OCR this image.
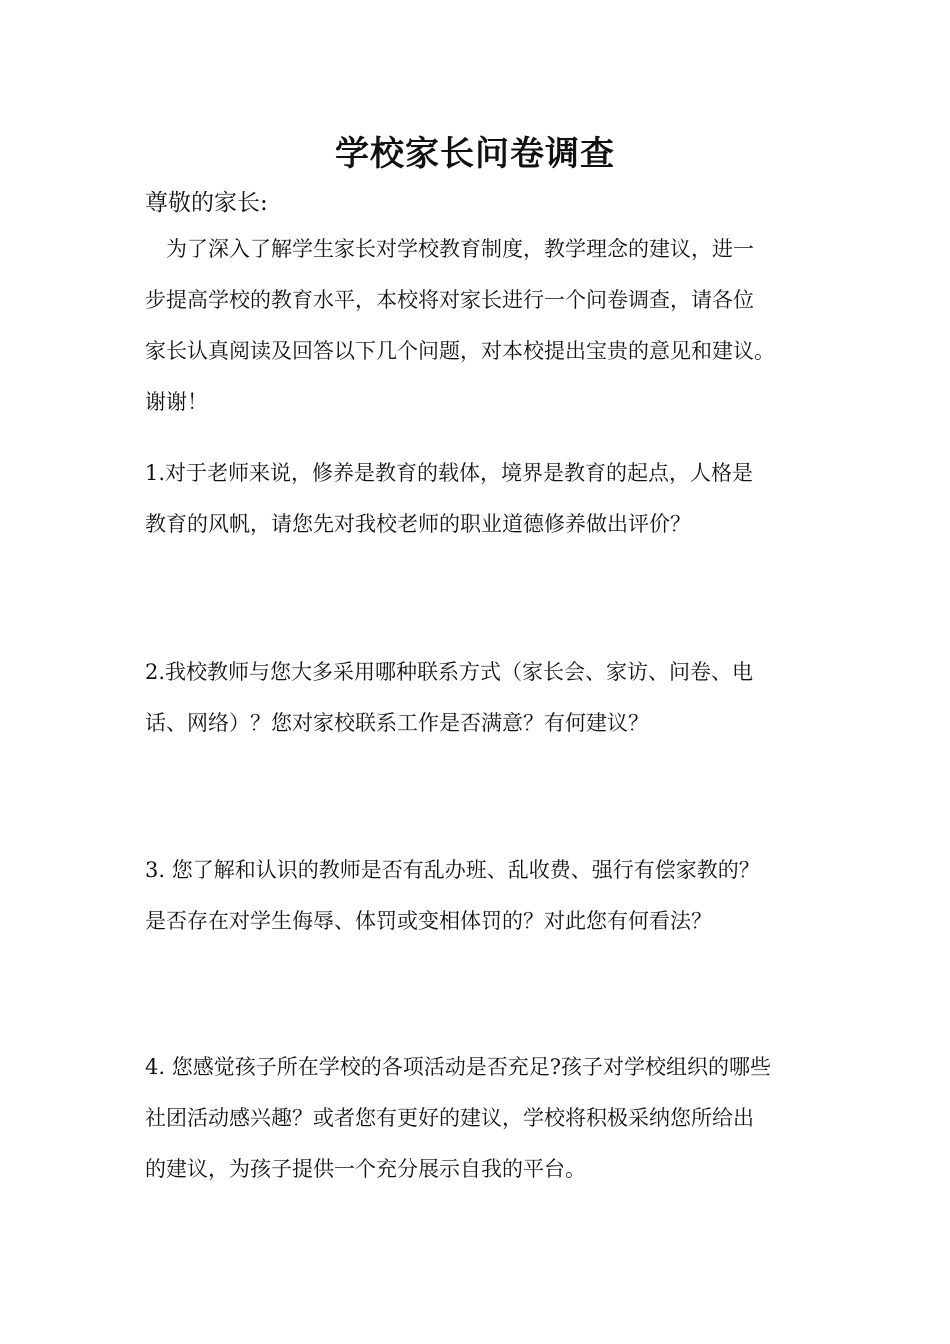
学校家长问卷调查
尊敬的家长:

　为了深入了解学生家长对学校教育制度，教学理念的建议，进一
步提高学校的教育水平，本校将对家长进行一个问卷调查，请各位
家长认真阅读及回答以下几个问题，对本校提出宝贵的意见和建议。
谢谢！

1.对于老师来说，修养是教育的载体，境界是教育的起点，人格是
教育的风帆，请您先对我校老师的职业道德修养做出评价？

2.我校教师与您大多采用哪种联系方式（家长会、家访、问卷、电
话、网络）？您对家校联系工作是否满意？有何建议？

3. 您了解和认识的教师是否有乱办班、乱收费、强行有偿家教的？
是否存在对学生侮辱、体罚或变相体罚的？对此您有何看法？

4. 您感觉孩子所在学校的各项活动是否充足?孩子对学校组织的哪些
社团活动感兴趣？或者您有更好的建议，学校将积极采纳您所给出
的建议，为孩子提供一个充分展示自我的平台。
